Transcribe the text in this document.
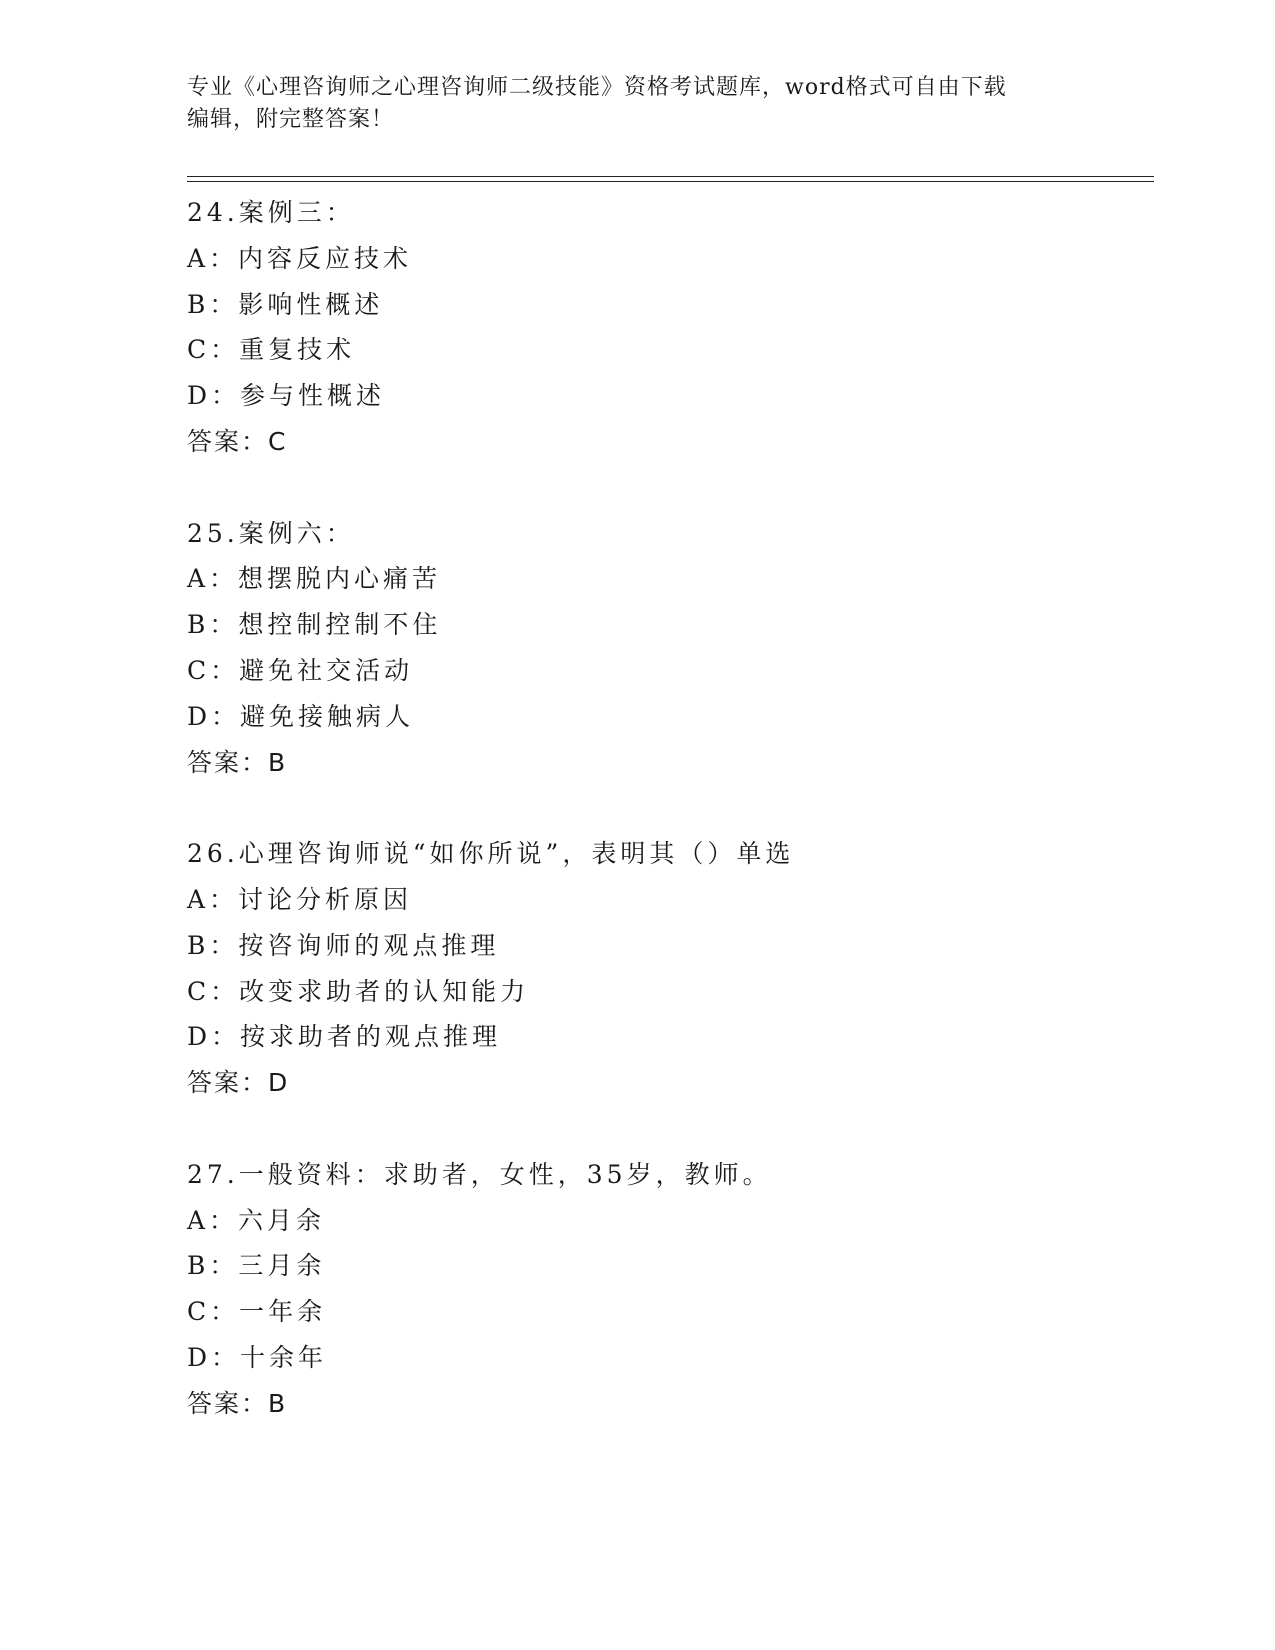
专业《心理咨询师之心理咨询师二级技能》资格考试题库，word格式可自由下载
编辑，附完整答案！
24.案例三：
A：内容反应技术
B：影响性概述
C：重复技术
D：参与性概述
答案：C
25.案例六：
A：想摆脱内心痛苦
B：想控制控制不住
C：避免社交活动
D：避免接触病人
答案：B
26.心理咨询师说“如你所说”，表明其（）单选
A：讨论分析原因
B：按咨询师的观点推理
C：改变求助者的认知能力
D：按求助者的观点推理
答案：D
27.一般资料：求助者，女性，35岁，教师。
A：六月余
B：三月余
C：一年余
D：十余年
答案：B
